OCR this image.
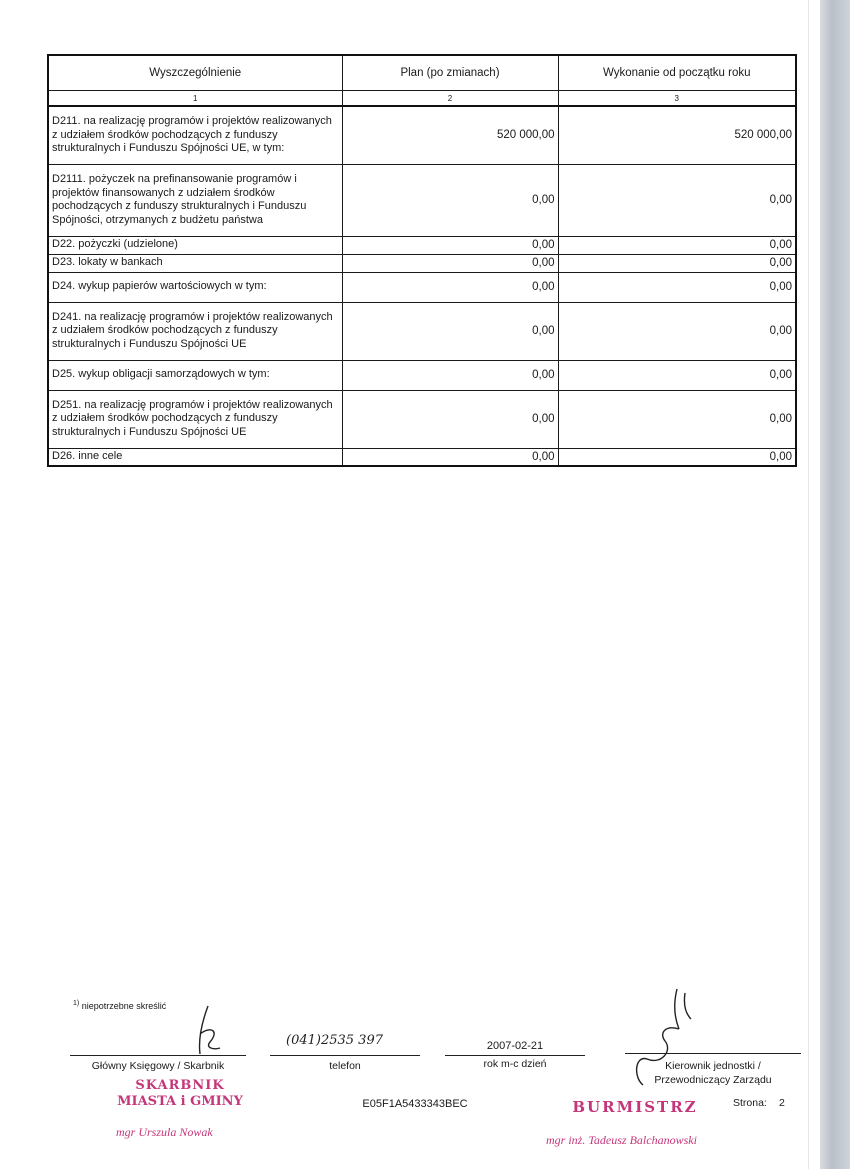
Wyszczególnienie	Plan (po zmianach)	Wykonanie od początku roku
1	2	3
D211. na realizację programów i projektów realizowanych z udziałem środków pochodzących z funduszy strukturalnych i Funduszu Spójności UE, w tym:	520 000,00	520 000,00
D2111. pożyczek na prefinansowanie programów i projektów finansowanych z udziałem środków pochodzących z funduszy strukturalnych i Funduszu Spójności, otrzymanych z budżetu państwa	0,00	0,00
D22. pożyczki (udzielone)	0,00	0,00
D23. lokaty w bankach	0,00	0,00
D24. wykup papierów wartościowych w tym:	0,00	0,00
D241. na realizację programów i projektów realizowanych z udziałem środków pochodzących z funduszy strukturalnych i Funduszu Spójności UE	0,00	0,00
D25. wykup obligacji samorządowych w tym:	0,00	0,00
D251. na realizację programów i projektów realizowanych z udziałem środków pochodzących z funduszy strukturalnych i Funduszu Spójności UE	0,00	0,00
D26. inne cele	0,00	0,00
$^{1)}$ niepotrzebne skreślić
Główny Księgowy / Skarbnik
(041)2535 397
telefon
2007-02-21
rok m-c dzień	Kierownik jednostki /
Przewodniczący Zarządu
E05F1A5433343BEC	Strona: 2
SKARBNIK
MIASTA i GMINY
mgr Urszula Nowak
BURMISTRZ
mgr inż. Tadeusz Balchanowski
